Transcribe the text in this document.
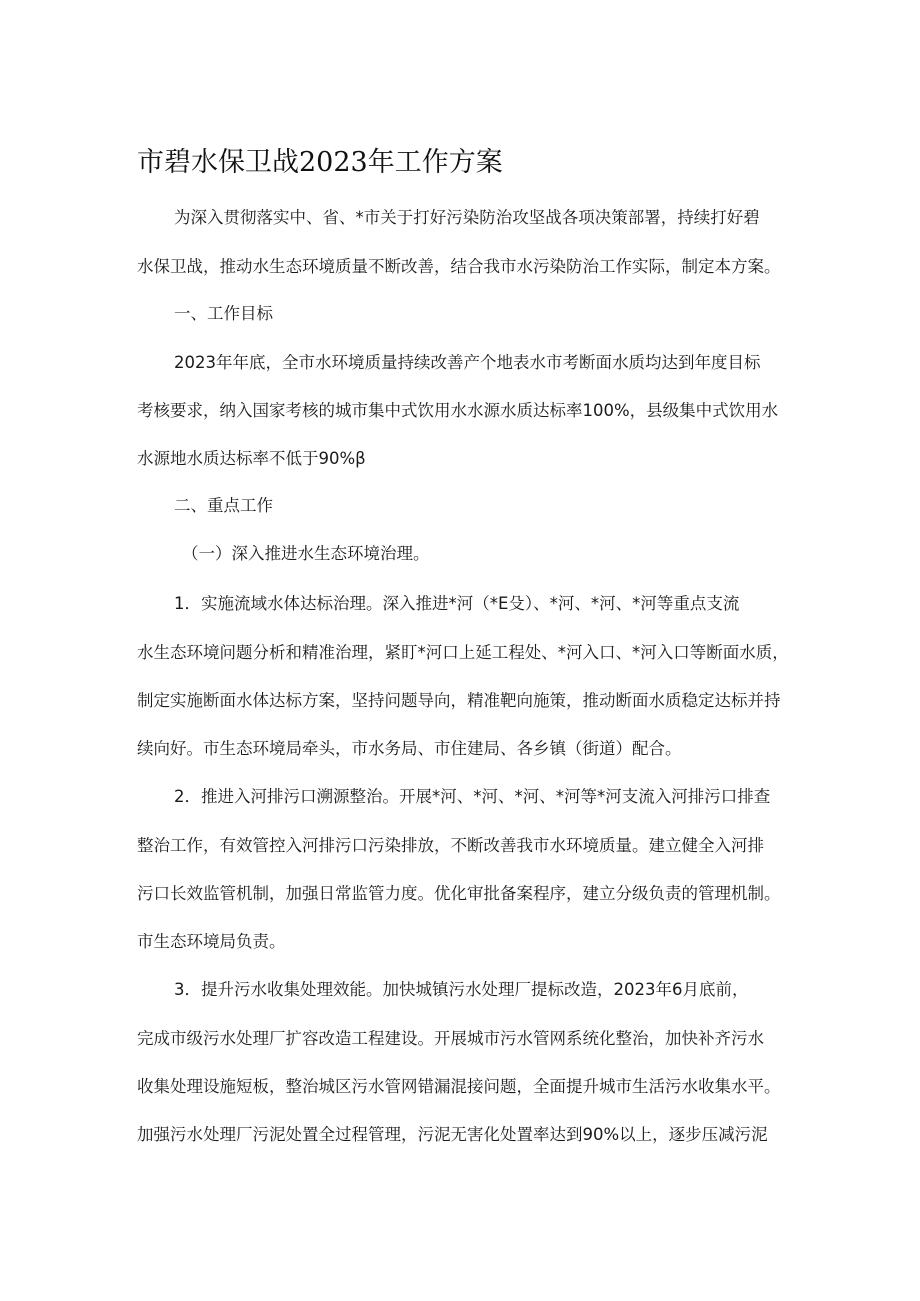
市碧水保卫战2023年工作方案
为深入贯彻落实中、省、*市关于打好污染防治攻坚战各项决策部署，持续打好碧
水保卫战，推动水生态环境质量不断改善，结合我市水污染防治工作实际，制定本方案。
一、工作目标
2023年年底，全市水环境质量持续改善产个地表水市考断面水质均达到年度目标
考核要求，纳入国家考核的城市集中式饮用水水源水质达标率100%，县级集中式饮用水
水源地水质达标率不低于90%β
二、重点工作
（一）深入推进水生态环境治理。
1．实施流域水体达标治理。深入推进*河（*E殳）、*河、*河、*河等重点支流
水生态环境问题分析和精准治理，紧盯*河口上延工程处、*河入口、*河入口等断面水质，
制定实施断面水体达标方案，坚持问题导向，精准靶向施策，推动断面水质稳定达标并持
续向好。市生态环境局牵头，市水务局、市住建局、各乡镇（街道）配合。
2．推进入河排污口溯源整治。开展*河、*河、*河、*河等*河支流入河排污口排查
整治工作，有效管控入河排污口污染排放，不断改善我市水环境质量。建立健全入河排
污口长效监管机制，加强日常监管力度。优化审批备案程序，建立分级负责的管理机制。
市生态环境局负责。
3．提升污水收集处理效能。加快城镇污水处理厂提标改造，2023年6月底前，
完成市级污水处理厂扩容改造工程建设。开展城市污水管网系统化整治，加快补齐污水
收集处理设施短板，整治城区污水管网错漏混接问题，全面提升城市生活污水收集水平。
加强污水处理厂污泥处置全过程管理，污泥无害化处置率达到90%以上，逐步压减污泥
